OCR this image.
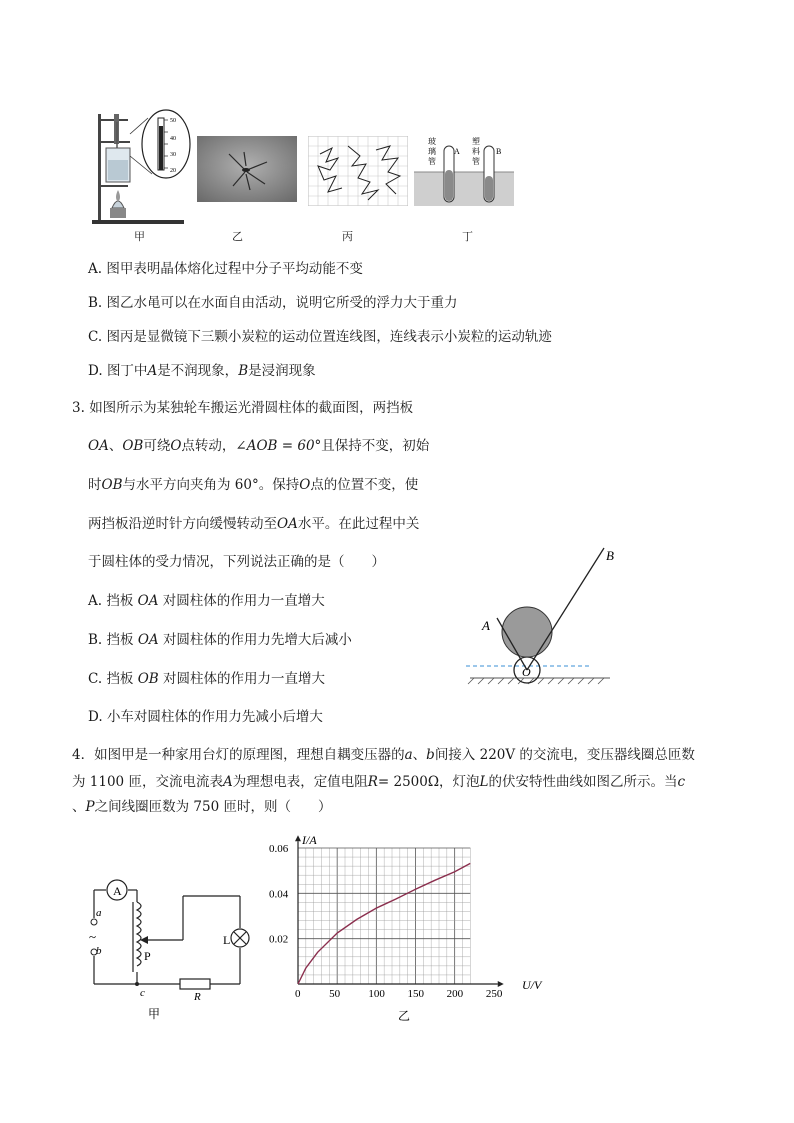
50
40
30
20
玻
璃
管
A
塑
料
管
B
甲	乙	丙	丁
A. 图甲表明晶体熔化过程中分子平均动能不变
B. 图乙水黾可以在水面自由活动，说明它所受的浮力大于重力
C. 图丙是显微镜下三颗小炭粒的运动位置连线图，连线表示小炭粒的运动轨迹
D. 图丁中A是不润现象，B是浸润现象
3. 如图所示为某独轮车搬运光滑圆柱体的截面图，两挡板
OA、OB可绕O点转动，∠AOB = 60°且保持不变，初始
时OB与水平方向夹角为 60°。保持O点的位置不变，使
两挡板沿逆时针方向缓慢转动至OA水平。在此过程中关
于圆柱体的受力情况，下列说法正确的是（　　）
A. 挡板 OA 对圆柱体的作用力一直增大
B. 挡板 OA 对圆柱体的作用力先增大后减小
C. 挡板 OB 对圆柱体的作用力一直增大
D. 小车对圆柱体的作用力先减小后增大
A
B
O
4．如图甲是一种家用台灯的原理图，理想自耦变压器的a、b间接入 220V 的交流电，变压器线圈总匝数
为 1100 匝，交流电流表A为理想电表，定值电阻R= 2500Ω，灯泡L的伏安特性曲线如图乙所示。当c
、P之间线圈匝数为 750 匝时，则（　　）
A
a
~
b	P
L
c	R
甲
0	50	100 150 200 250
0.02
0.04
0.06
I/A
U/V
乙
